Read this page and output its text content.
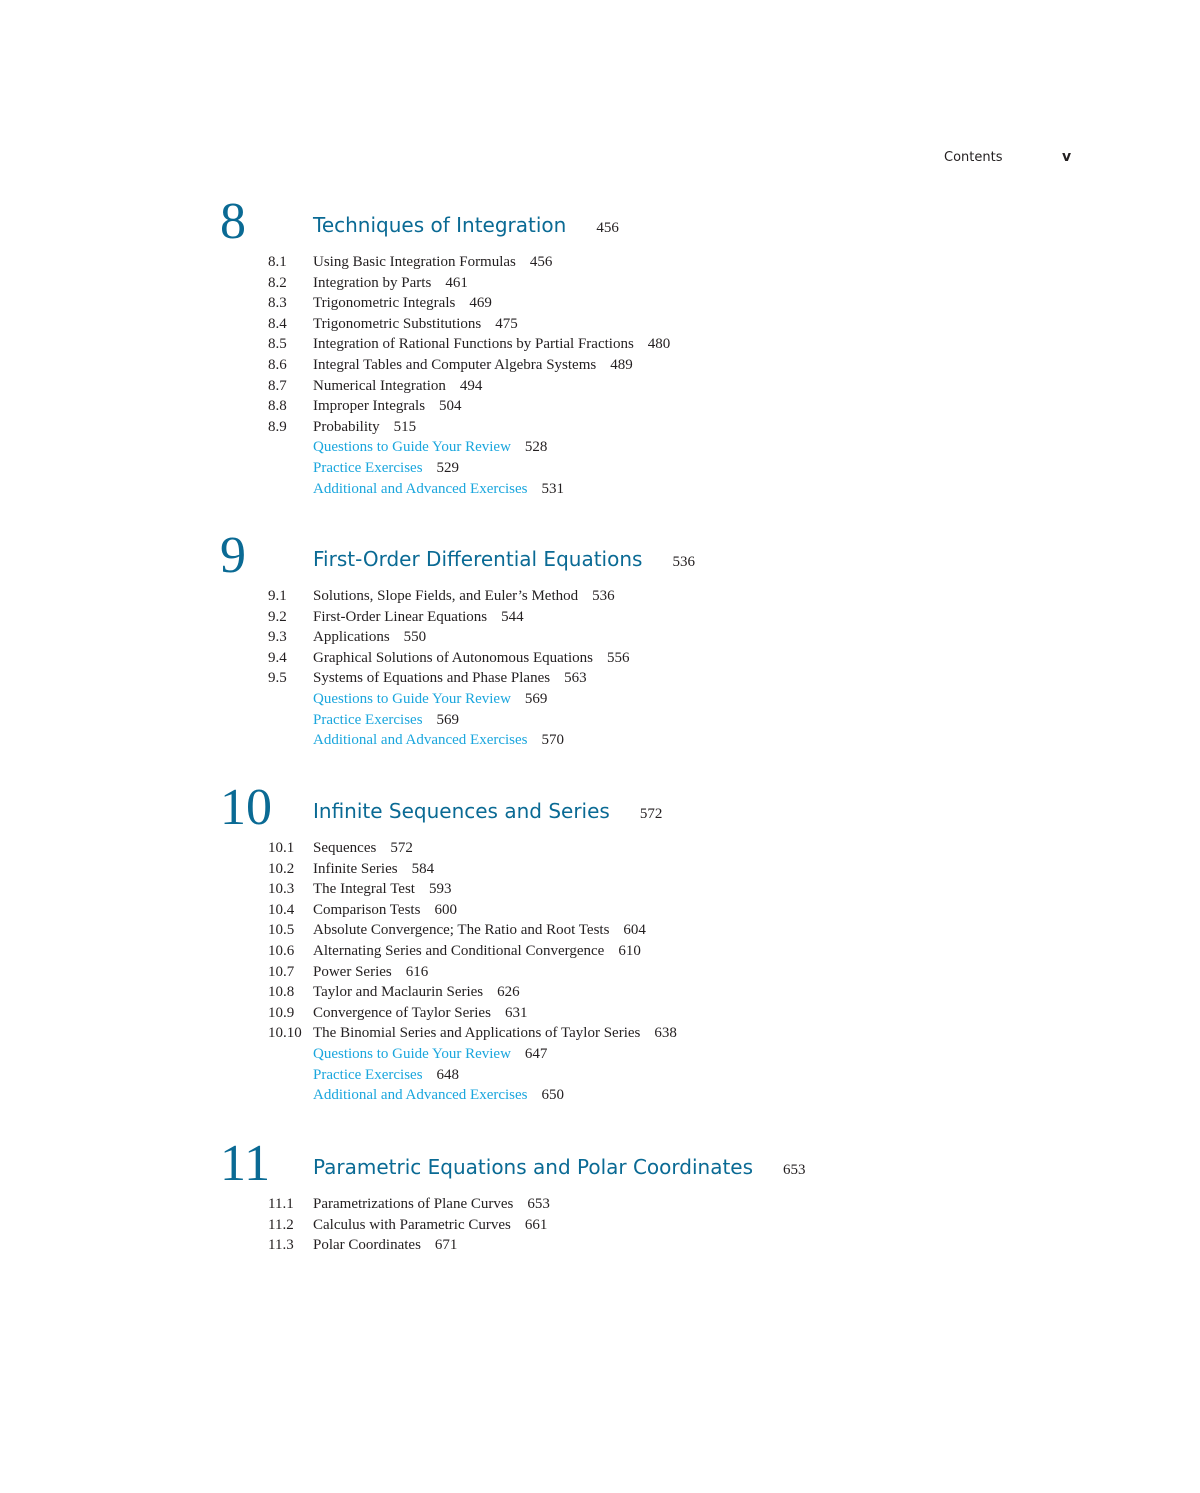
Contents	v
8	Techniques of Integration 456
8.1 Using Basic Integration Formulas 456
8.2 Integration by Parts 461
8.3 Trigonometric Integrals 469
8.4 Trigonometric Substitutions 475
8.5 Integration of Rational Functions by Partial Fractions 480
8.6 Integral Tables and Computer Algebra Systems 489
8.7 Numerical Integration 494
8.8 Improper Integrals 504
8.9 Probability 515
Questions to Guide Your Review 528
Practice Exercises 529
Additional and Advanced Exercises 531
9	First-Order Differential Equations 536
9.1 Solutions, Slope Fields, and Euler’s Method 536
9.2 First-Order Linear Equations 544
9.3 Applications 550
9.4 Graphical Solutions of Autonomous Equations 556
9.5 Systems of Equations and Phase Planes 563
Questions to Guide Your Review 569
Practice Exercises 569
Additional and Advanced Exercises 570
10 Infinite Sequences and Series 572
10.1 Sequences 572
10.2 Infinite Series 584
10.3 The Integral Test 593
10.4 Comparison Tests 600
10.5 Absolute Convergence; The Ratio and Root Tests 604
10.6 Alternating Series and Conditional Convergence 610
10.7 Power Series 616
10.8 Taylor and Maclaurin Series 626
10.9 Convergence of Taylor Series 631
10.10 The Binomial Series and Applications of Taylor Series 638
Questions to Guide Your Review 647
Practice Exercises 648
Additional and Advanced Exercises 650
11 Parametric Equations and Polar Coordinates 653
11.1 Parametrizations of Plane Curves 653
11.2 Calculus with Parametric Curves 661
11.3 Polar Coordinates 671
